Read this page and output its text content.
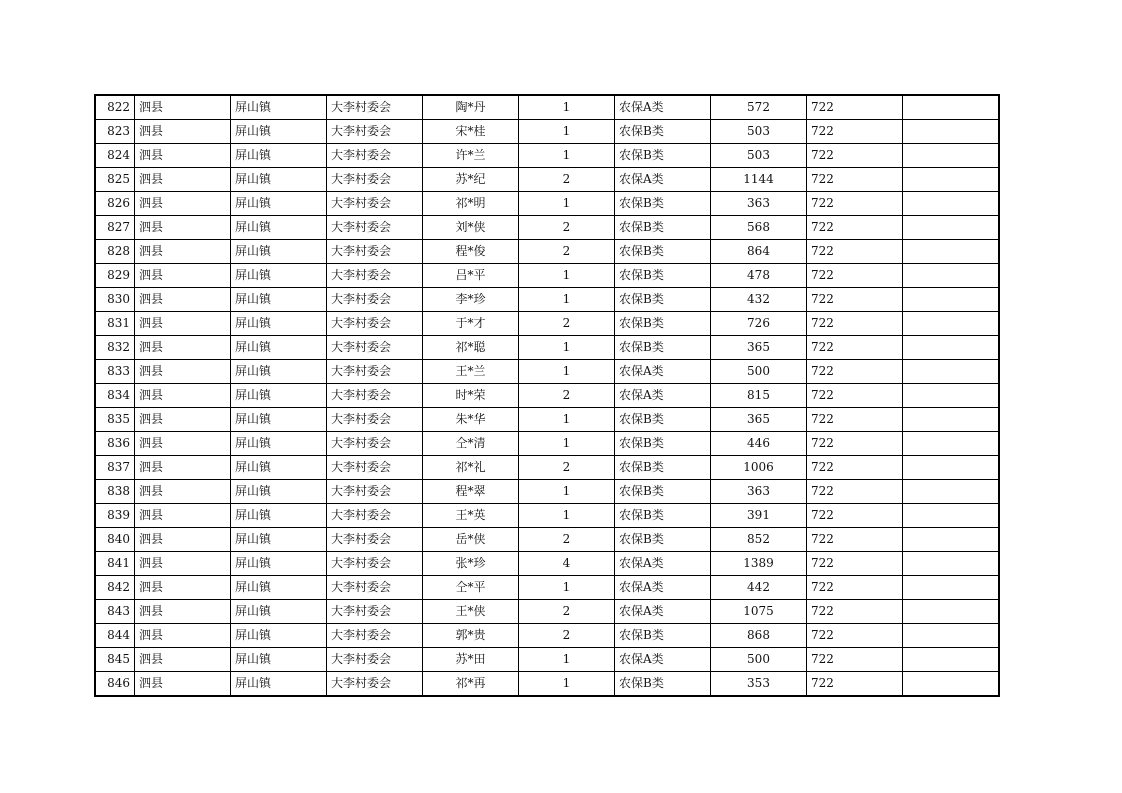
822	泗县	屏山镇	大李村委会	陶*丹	1	农保A类	572	722	
823	泗县	屏山镇	大李村委会	宋*桂	1	农保B类	503	722	
824	泗县	屏山镇	大李村委会	许*兰	1	农保B类	503	722	
825	泗县	屏山镇	大李村委会	苏*纪	2	农保A类	1144	722	
826	泗县	屏山镇	大李村委会	祁*明	1	农保B类	363	722	
827	泗县	屏山镇	大李村委会	刘*侠	2	农保B类	568	722	
828	泗县	屏山镇	大李村委会	程*俊	2	农保B类	864	722	
829	泗县	屏山镇	大李村委会	吕*平	1	农保B类	478	722	
830	泗县	屏山镇	大李村委会	李*珍	1	农保B类	432	722	
831	泗县	屏山镇	大李村委会	于*才	2	农保B类	726	722	
832	泗县	屏山镇	大李村委会	祁*聪	1	农保B类	365	722	
833	泗县	屏山镇	大李村委会	王*兰	1	农保A类	500	722	
834	泗县	屏山镇	大李村委会	时*荣	2	农保A类	815	722	
835	泗县	屏山镇	大李村委会	朱*华	1	农保B类	365	722	
836	泗县	屏山镇	大李村委会	仝*清	1	农保B类	446	722	
837	泗县	屏山镇	大李村委会	祁*礼	2	农保B类	1006	722	
838	泗县	屏山镇	大李村委会	程*翠	1	农保B类	363	722	
839	泗县	屏山镇	大李村委会	王*英	1	农保B类	391	722	
840	泗县	屏山镇	大李村委会	岳*侠	2	农保B类	852	722	
841	泗县	屏山镇	大李村委会	张*珍	4	农保A类	1389	722	
842	泗县	屏山镇	大李村委会	仝*平	1	农保A类	442	722	
843	泗县	屏山镇	大李村委会	王*侠	2	农保A类	1075	722	
844	泗县	屏山镇	大李村委会	郭*贵	2	农保B类	868	722	
845	泗县	屏山镇	大李村委会	苏*田	1	农保A类	500	722	
846	泗县	屏山镇	大李村委会	祁*再	1	农保B类	353	722	
